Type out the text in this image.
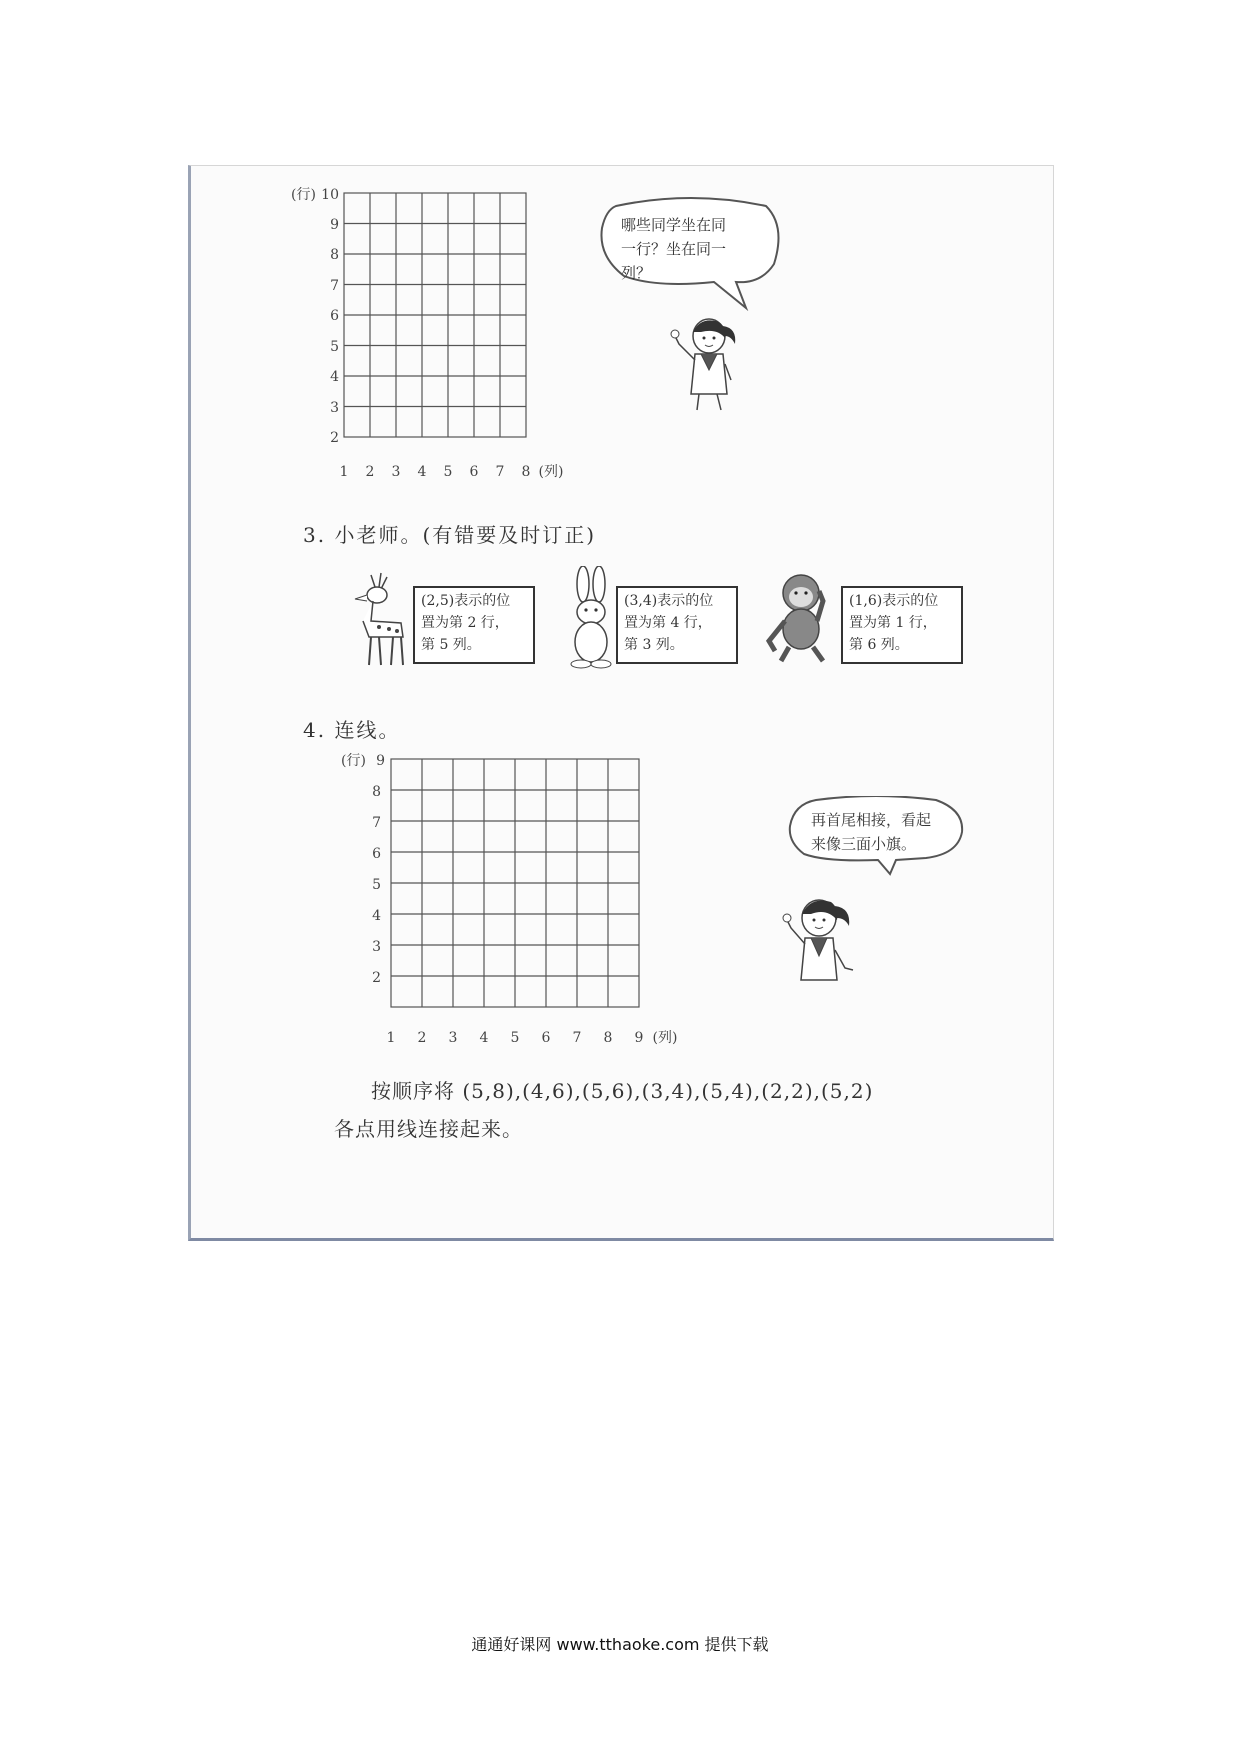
(行) 10
9
8
7
6
5
4
3
2
1 2 3 4 5 6 7 8 (列)
哪些同学坐在同
一行？坐在同一
列？
3. 小老师。(有错要及时订正)
(2,5)表示的位
置为第 2 行，
第 5 列。
(3,4)表示的位
置为第 4 行，
第 3 列。
(1,6)表示的位
置为第 1 行，
第 6 列。
4. 连线。
(行) 9
8
7
6
5
4
3
2
1 2 3 4 5 6 7 8 9 (列)
再首尾相接，看起
来像三面小旗。
按顺序将 (5,8),(4,6),(5,6),(3,4),(5,4),(2,2),(5,2)
各点用线连接起来。
通通好课网 www.tthaoke.com 提供下载
